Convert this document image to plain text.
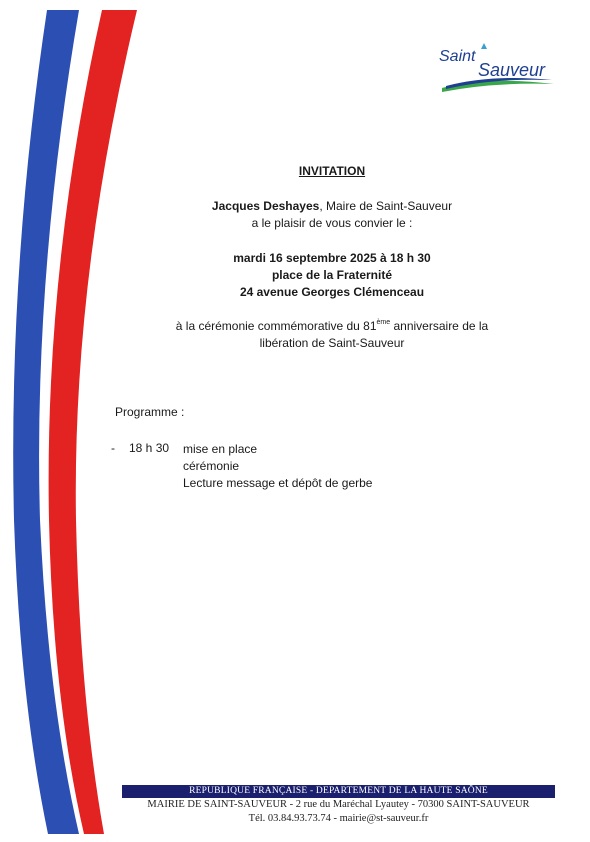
Saint
Sauveur
INVITATION
Jacques Deshayes, Maire de Saint-Sauveur
a le plaisir de vous convier le :
mardi 16 septembre 2025 à 18 h 30
place de la Fraternité
24 avenue Georges Clémenceau
à la cérémonie commémorative du 81ème anniversaire de la
libération de Saint-Sauveur
Programme :
- 18 h 30 mise en place
cérémonie
Lecture message et dépôt de gerbe
REPUBLIQUE FRANÇAISE - DEPARTEMENT DE LA HAUTE SAÔNE
MAIRIE DE SAINT-SAUVEUR - 2 rue du Maréchal Lyautey - 70300 SAINT-SAUVEUR
Tél. 03.84.93.73.74 - mairie@st-sauveur.fr
